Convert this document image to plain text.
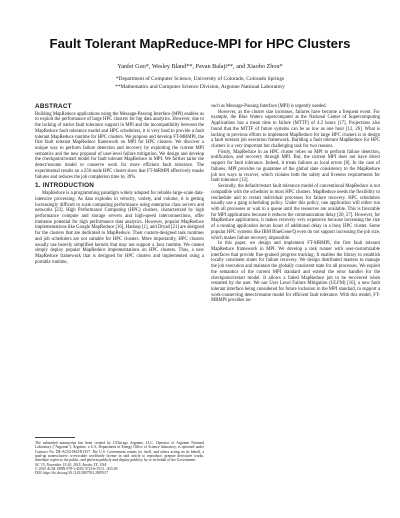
Fault Tolerant MapReduce-MPI for HPC Clusters
Yanfei Guo*, Wesley Bland**, Pavan Balaji**, and Xiaobo Zhou*
*Department of Computer Science, University of Colorado, Colorado Springs
**Mathematics and Computer Science Division, Argonne National Laboratory
ABSTRACT

Building MapReduce applications using the Message-Passing Interface (MPI) enables us to exploit the performance of large HPC clusters for big data analytics. However, due to the lacking of native fault tolerance support in MPI and the incompatibility between the MapReduce fault tolerance model and HPC schedulers, it is very hard to provide a fault tolerant MapReduce runtime for HPC clusters. We propose and develop FT-MRMPI, the first fault tolerant MapReduce framework on MPI for HPC clusters. We discover a unique way to perform failure detection and recovery by exploiting the current MPI semantics and the new proposal of user-level failure mitigation. We design and develop the checkpoint/restart model for fault tolerant MapReduce in MPI. We further tailor the detect/resume model to conserve work for more efficient fault tolerance. The experimental results on a 256-node HPC cluster show that FT-MRMPI effectively masks failures and reduces the job completion time by 39%.

1. INTRODUCTION

MapReduce is a programming paradigm widely adopted for reliable large-scale data-intensive processing. As data explodes in velocity, variety, and volume, it is getting increasingly difficult to scale computing performance using enterprise class servers and networks [23]. High Performance Computing (HPC) clusters, characterized by high performance compute and storage servers and high-speed interconnections, offer immense potential for high performance data analytics. However, popular MapReduce implementations like Google MapReduce [16], Hadoop [1], and Dryad [21] are designed for the clusters that are dedicated to MapReduce. Their custom-designed task runtimes and job schedulers are not suitable for HPC clusters. More importantly, HPC clusters usually use heavily simplified kernels that may not support a Java runtime. We cannot simply deploy popular MapReduce implementations on HPC clusters. Thus, a new MapReduce framework that is designed for HPC clusters and implemented using a portable runtime,

The submitted manuscript has been created by UChicago Argonne, LLC, Operator of Argonne National Laboratory ("Argonne"). Argonne, a U.S. Department of Energy Office of Science laboratory, is operated under Contract No. DE-AC02-06CH11357. The U.S. Government retains for itself, and others acting on its behalf, a paid-up nonexclusive, irrevocable worldwide license in said article to reproduce, prepare derivative works, distribute copies to the public, and perform publicly and display publicly, by or on behalf of the Government.

SC '15, November 15-20, 2015, Austin, TX, USA

© 2015 ACM. ISBN 978-1-4503-3723-6/15/11...$15.00

DOI: http://dx.doi.org/10.1145/2807591.2807617

such as Message-Passing Interface (MPI) is urgently needed.

However, as the cluster size increases, failures have become a frequent event. For example, the Blue Waters supercomputer at the National Center of Supercomputing Applications has a mean time to failure (MTTF) of 4.2 hours [17]. Projections also found that the MTTF of future systems can be as low as one hour [12, 26]. What is lacking in previous efforts to implement MapReduce for large HPC clusters is to design a fault tolerant job execution framework. Building a fault tolerant MapReduce for HPC clusters is a very important but challenging task for two reasons.

Firstly, MapReduce in an HPC cluster relies on MPI to perform failure detection, notification, and recovery through MPI. But, the current MPI does not have direct support for fault tolerance. Indeed, it treats failures as local errors [8]. In the case of failures, MPI provides no guarantee of the global state consistency to the MapReduce job nor ways to recover, which violates both the safety and liveness requirements for fault tolerance [12].

Secondly, the default/restart fault tolerance model of conventional MapReduce is not compatible with the scheduler in most HPC clusters. MapReduce needs the flexibility to reschedule and to restart individual processes for failure recovery. HPC schedulers usually use a gang scheduling policy. Under this policy, one application will either run with all processes or wait in a queue until the resources are available. This is favorable for MPI applications because it reduces the communication delay [20, 27]. However, for MapReduce applications, it makes recovery very expensive because increasing the size of a running application incurs hours of additional delay in a busy HPC cluster. Some popular HPC systems like IBM BlueGene/Q even do not support increasing the job size, which makes failure recovery impossible.

In this paper, we design and implement FT-MRMPI, the first fault tolerant MapReduce framework in MPI. We develop a task runner with user-customizable interfaces that provide fine-grained progress tracking. It enables the library to establish locally consistent states for failure recovery. We design distributed masters to manage the job execution and maintain the globally consistent state for all processes. We exploit the semantics of the current MPI standard and extend the error handler for the checkpoint/restart model. It allows a failed MapReduce job to be recovered when restarted by the user. We use User Level Failure Mitigation (ULFM) [10], a new fault tolerant interface being considered for future inclusion in the MPI standard, to support a work-conserving detect/resume model for efficient fault tolerance. With this model, FT-MRMPI provides au-
